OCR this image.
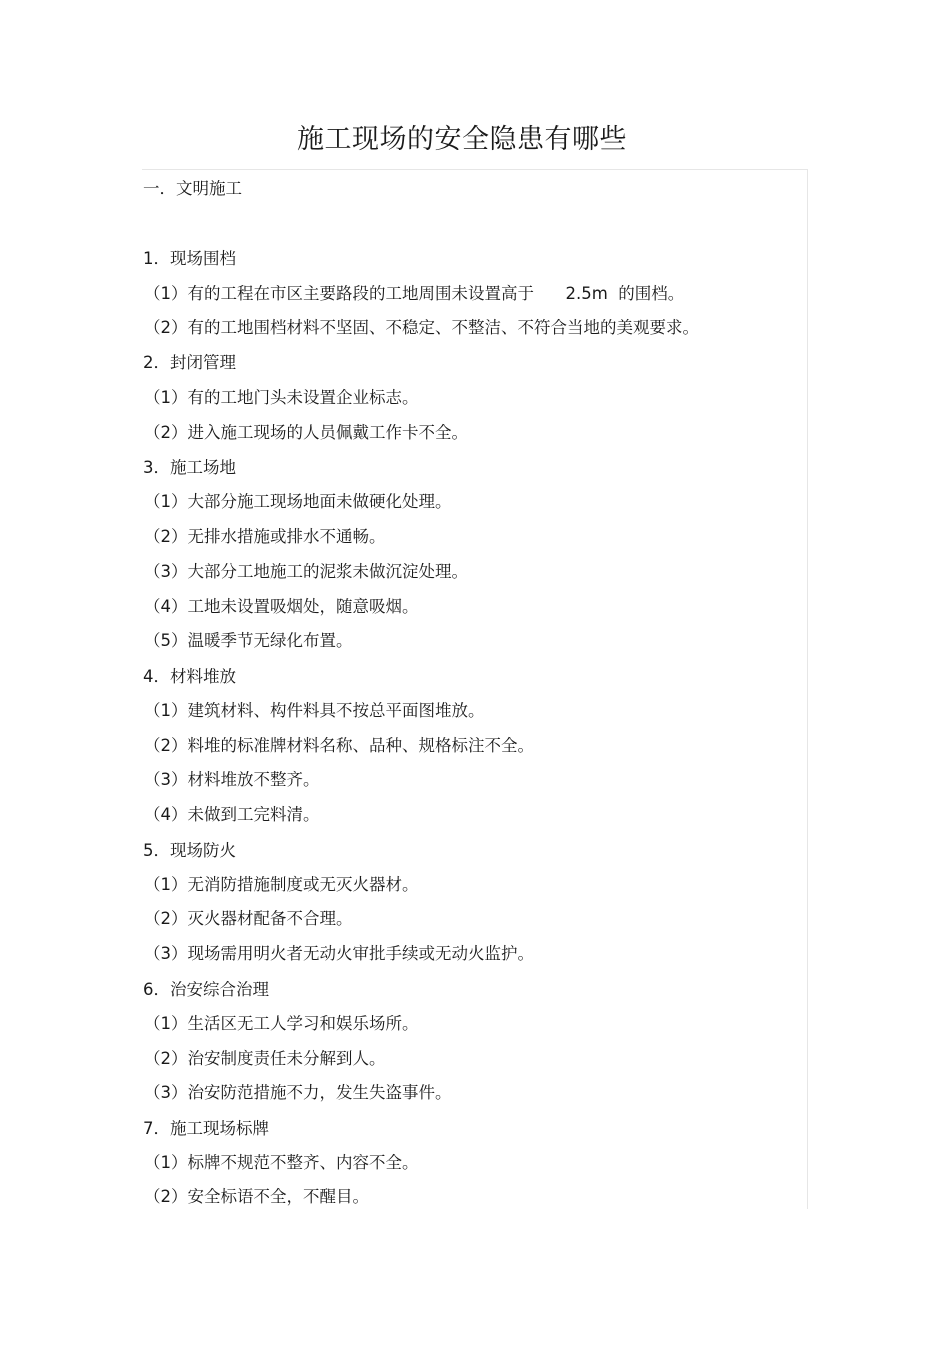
施工现场的安全隐患有哪些
一．文明施工
1．现场围档
（1）有的工程在市区主要路段的工地周围未设置高于      2.5m  的围档。
（2）有的工地围档材料不坚固、不稳定、不整洁、不符合当地的美观要求。
2．封闭管理
（1）有的工地门头未设置企业标志。
（2）进入施工现场的人员佩戴工作卡不全。
3．施工场地
（1）大部分施工现场地面未做硬化处理。
（2）无排水措施或排水不通畅。
（3）大部分工地施工的泥浆未做沉淀处理。
（4）工地未设置吸烟处，随意吸烟。
（5）温暖季节无绿化布置。
4．材料堆放
（1）建筑材料、构件料具不按总平面图堆放。
（2）料堆的标准牌材料名称、品种、规格标注不全。
（3）材料堆放不整齐。
（4）未做到工完料清。
5．现场防火
（1）无消防措施制度或无灭火器材。
（2）灭火器材配备不合理。
（3）现场需用明火者无动火审批手续或无动火监护。
6．治安综合治理
（1）生活区无工人学习和娱乐场所。
（2）治安制度责任未分解到人。
（3）治安防范措施不力，发生失盗事件。
7．施工现场标牌
（1）标牌不规范不整齐、内容不全。
（2）安全标语不全，不醒目。
